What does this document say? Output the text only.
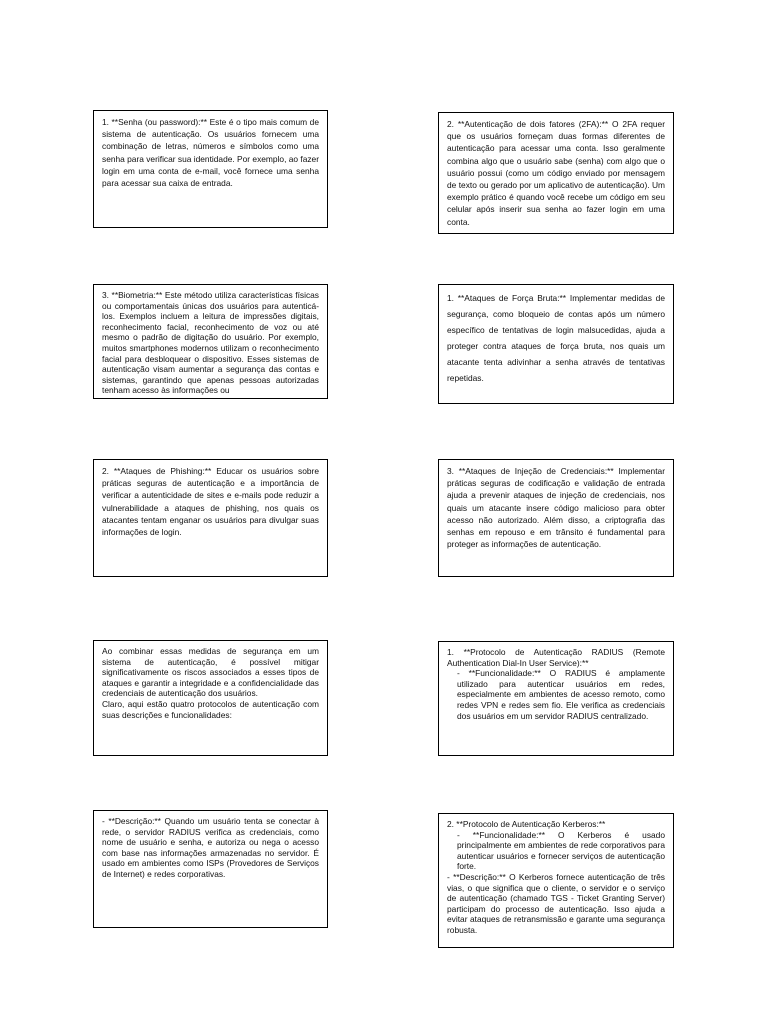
1. **Senha (ou password):** Este é o tipo mais comum de sistema de autenticação. Os usuários fornecem uma combinação de letras, números e símbolos como uma senha para verificar sua identidade. Por exemplo, ao fazer login em uma conta de e-mail, você fornece uma senha para acessar sua caixa de entrada.

2. **Autenticação de dois fatores (2FA):** O 2FA requer que os usuários forneçam duas formas diferentes de autenticação para acessar uma conta. Isso geralmente combina algo que o usuário sabe (senha) com algo que o usuário possui (como um código enviado por mensagem de texto ou gerado por um aplicativo de autenticação). Um exemplo prático é quando você recebe um código em seu celular após inserir sua senha ao fazer login em uma conta.

3. **Biometria:** Este método utiliza características físicas ou comportamentais únicas dos usuários para autenticá-los. Exemplos incluem a leitura de impressões digitais, reconhecimento facial, reconhecimento de voz ou até mesmo o padrão de digitação do usuário. Por exemplo, muitos smartphones modernos utilizam o reconhecimento facial para desbloquear o dispositivo. Esses sistemas de autenticação visam aumentar a segurança das contas e sistemas, garantindo que apenas pessoas autorizadas tenham acesso às informações ou

1. **Ataques de Força Bruta:** Implementar medidas de segurança, como bloqueio de contas após um número específico de tentativas de login malsucedidas, ajuda a proteger contra ataques de força bruta, nos quais um atacante tenta adivinhar a senha através de tentativas repetidas.

2. **Ataques de Phishing:** Educar os usuários sobre práticas seguras de autenticação e a importância de verificar a autenticidade de sites e e-mails pode reduzir a vulnerabilidade a ataques de phishing, nos quais os atacantes tentam enganar os usuários para divulgar suas informações de login.

3. **Ataques de Injeção de Credenciais:** Implementar práticas seguras de codificação e validação de entrada ajuda a prevenir ataques de injeção de credenciais, nos quais um atacante insere código malicioso para obter acesso não autorizado. Além disso, a criptografia das senhas em repouso e em trânsito é fundamental para proteger as informações de autenticação.

Ao combinar essas medidas de segurança em um sistema de autenticação, é possível mitigar significativamente os riscos associados a esses tipos de ataques e garantir a integridade e a confidencialidade das credenciais de autenticação dos usuários.
Claro, aqui estão quatro protocolos de autenticação com suas descrições e funcionalidades:

1. **Protocolo de Autenticação RADIUS (Remote Authentication Dial-In User Service):**

- **Funcionalidade:** O RADIUS é amplamente utilizado para autenticar usuários em redes, especialmente em ambientes de acesso remoto, como redes VPN e redes sem fio. Ele verifica as credenciais dos usuários em um servidor RADIUS centralizado.

- **Descrição:** Quando um usuário tenta se conectar à rede, o servidor RADIUS verifica as credenciais, como nome de usuário e senha, e autoriza ou nega o acesso com base nas informações armazenadas no servidor. É usado em ambientes como ISPs (Provedores de Serviços de Internet) e redes corporativas.

2. **Protocolo de Autenticação Kerberos:**

- **Funcionalidade:** O Kerberos é usado principalmente em ambientes de rede corporativos para autenticar usuários e fornecer serviços de autenticação forte.

- **Descrição:** O Kerberos fornece autenticação de três vias, o que significa que o cliente, o servidor e o serviço de autenticação (chamado TGS - Ticket Granting Server) participam do processo de autenticação. Isso ajuda a evitar ataques de retransmissão e garante uma segurança robusta.
